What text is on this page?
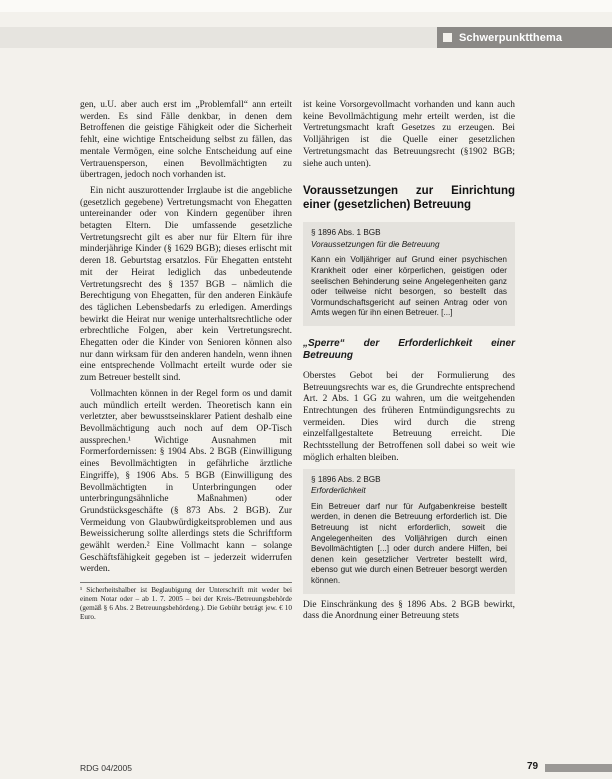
Schwerpunktthema

gen, u.U. aber auch erst im „Problemfall“ ann erteilt werden. Es sind Fälle denkbar, in denen dem Betroffenen die geistige Fähigkeit oder die Sicherheit fehlt, eine wichtige Entscheidung selbst zu fällen, das mentale Vermögen, eine solche Entscheidung auf eine Vertrauensperson, einen Bevollmächtigten zu übertragen, jedoch noch vorhanden ist.

Ein nicht auszurottender Irrglaube ist die angebliche (gesetzlich gegebene) Vertretungsmacht von Ehegatten untereinander oder von Kindern gegenüber ihren betagten Eltern. Die umfassende gesetzliche Vertretungsrecht gilt es aber nur für Eltern für ihre minderjährige Kinder (§ 1629 BGB); dieses erlischt mit deren 18. Geburtstag ersatzlos. Für Ehegatten entsteht mit der Heirat lediglich das unbedeutende Vertretungsrecht des § 1357 BGB – nämlich die Berechtigung von Ehegatten, für den anderen Einkäufe des täglichen Lebensbedarfs zu erledigen. Amerdings bewirkt die Heirat nur wenige unterhaltsrechtliche oder erbrechtliche Folgen, aber kein Vertretungsrecht. Ehegatten oder die Kinder von Senioren können also nur dann wirksam für den anderen handeln, wenn ihnen eine entsprechende Vollmacht erteilt wurde oder sie zum Betreuer bestellt sind.

Vollmachten können in der Regel form os und damit auch mündlich erteilt werden. Theoretisch kann ein verletzter, aber bewusstseinsklarer Patient deshalb eine Bevollmächtigung auch noch auf dem OP-Tisch aussprechen.¹ Wichtige Ausnahmen mit Formerfordernissen: § 1904 Abs. 2 BGB (Einwilligung eines Bevollmächtigten in gefährliche ärztliche Eingriffe), § 1906 Abs. 5 BGB (Einwilligung des Bevollmächtigten in Unterbringungen oder unterbringungsähnliche Maßnahmen) oder Grundstücksgeschäfte (§ 873 Abs. 2 BGB). Zur Vermeidung von Glaubwürdigkeitsproblemen und aus Beweissicherung sollte allerdings stets die Schriftform gewählt werden.² Eine Vollmacht kann – solange Geschäftsfähigkeit gegeben ist – jederzeit widerrufen werden.

¹ Sicherheitshalber ist Beglaubigung der Unterschrift mit weder bei einem Notar oder – ab 1. 7. 2005 – bei der Kreis-/Betreuungsbehörde (gemäß § 6 Abs. 2 Betreuungsbehördeng.). Die Gebühr beträgt jew. € 10 Euro.

ist keine Vorsorgevollmacht vorhanden und kann auch keine Bevollmächtigung mehr erteilt werden, ist die Vertretungsmacht kraft Gesetzes zu erzeugen. Bei Volljährigen ist die Quelle einer gesetzlichen Vertretungsmacht das Betreuungsrecht (§1902 BGB; siehe auch unten).

Voraussetzungen zur Einrichtung einer (gesetzlichen) Betreuung
§ 1896 Abs. 1 BGB
Voraussetzungen für die Betreuung
Kann ein Volljähriger auf Grund einer psychischen Krankheit oder einer körperlichen, geistigen oder seelischen Behinderung seine Angelegenheiten ganz oder teilweise nicht besorgen, so bestellt das Vormundschaftsgericht auf seinen Antrag oder von Amts wegen für ihn einen Betreuer. [...]
„Sperre“ der Erforderlichkeit einer Betreuung

Oberstes Gebot bei der Formulierung des Betreuungsrechts war es, die Grundrechte entsprechend Art. 2 Abs. 1 GG zu wahren, um die weitgehenden Entrechtungen des früheren Entmündigungsrechts zu vermeiden. Dies wird durch die streng einzelfallgestaltete Betreuung erreicht. Die Rechtsstellung der Betroffenen soll dabei so weit wie möglich erhalten bleiben.

§ 1896 Abs. 2 BGB
Erforderlichkeit
Ein Betreuer darf nur für Aufgabenkreise bestellt werden, in denen die Betreuung erforderlich ist. Die Betreuung ist nicht erforderlich, soweit die Angelegenheiten des Volljährigen durch einen Bevollmächtigten [...] oder durch andere Hilfen, bei denen kein gesetzlicher Vertreter bestellt wird, ebenso gut wie durch einen Betreuer besorgt werden können.

Die Einschränkung des § 1896 Abs. 2 BGB bewirkt, dass die Anordnung einer Betreuung stets

RDG 04/2005	79
